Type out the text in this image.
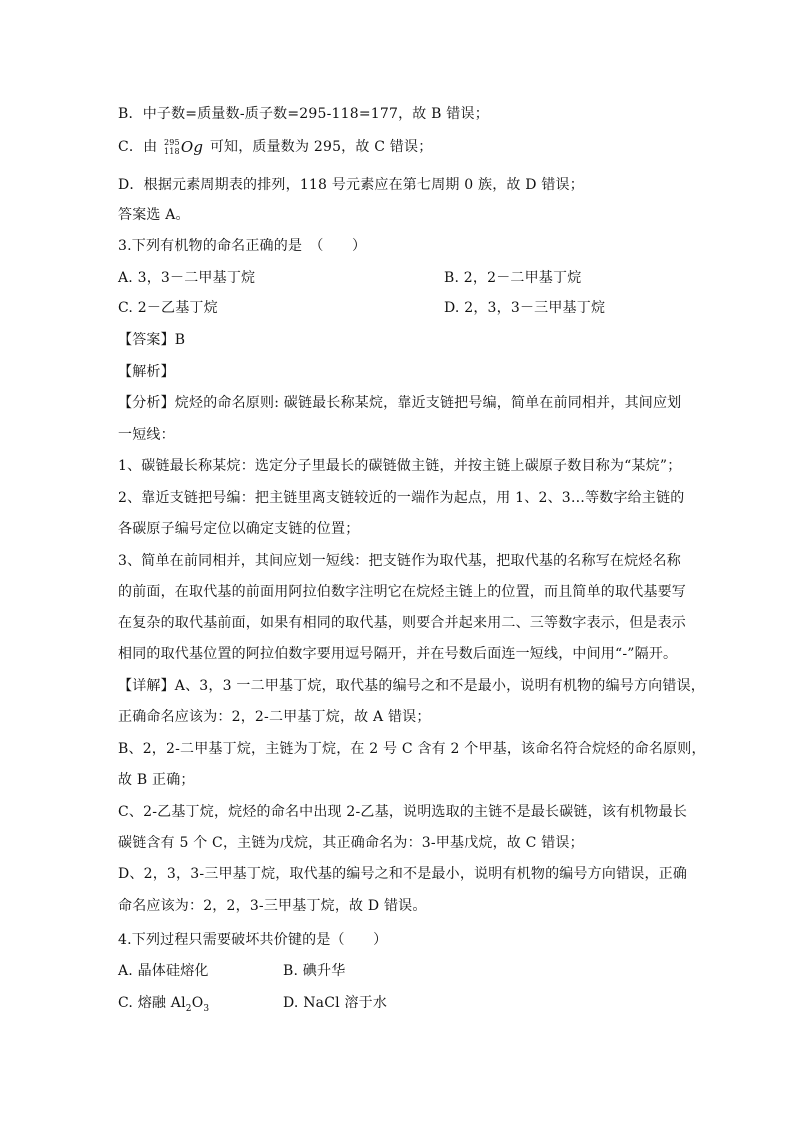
B．中子数=质量数-质子数=295-118=177，故 B 错误；
C．由 295
118 Og 可知，质量数为 295，故 C 错误；
D．根据元素周期表的排列，118 号元素应在第七周期 0 族，故 D 错误；
答案选 A。
3.下列有机物的命名正确的是　（　　）
A. 3，3－二甲基丁烷	B. 2，2－二甲基丁烷
C. 2－乙基丁烷	D. 2，3，3－三甲基丁烷
【答案】B
【解析】
【分析】烷烃的命名原则: 碳链最长称某烷，靠近支链把号编，简单在前同相并，其间应划
一短线：
1、碳链最长称某烷：选定分子里最长的碳链做主链，并按主链上碳原子数目称为“某烷”；
2、靠近支链把号编：把主链里离支链较近的一端作为起点，用 1、2、3…等数字给主链的
各碳原子编号定位以确定支链的位置；
3、简单在前同相并，其间应划一短线：把支链作为取代基，把取代基的名称写在烷烃名称
的前面，在取代基的前面用阿拉伯数字注明它在烷烃主链上的位置，而且简单的取代基要写
在复杂的取代基前面，如果有相同的取代基，则要合并起来用二、三等数字表示，但是表示
相同的取代基位置的阿拉伯数字要用逗号隔开，并在号数后面连一短线，中间用“-”隔开。
【详解】A、3，3 一二甲基丁烷，取代基的编号之和不是最小，说明有机物的编号方向错误，
正确命名应该为：2，2-二甲基丁烷，故 A 错误；
B、2，2-二甲基丁烷，主链为丁烷，在 2 号 C 含有 2 个甲基，该命名符合烷烃的命名原则，
故 B 正确；
C、2-乙基丁烷，烷烃的命名中出现 2-乙基，说明选取的主链不是最长碳链，该有机物最长
碳链含有 5 个 C，主链为戊烷，其正确命名为：3-甲基戊烷，故 C 错误；
D、2，3，3-三甲基丁烷，取代基的编号之和不是最小，说明有机物的编号方向错误，正确
命名应该为：2，2，3-三甲基丁烷，故 D 错误。
4.下列过程只需要破坏共价键的是（　　）
A. 晶体硅熔化	B. 碘升华
C. 熔融 $Al_2O_3$	D. NaCl 溶于水
